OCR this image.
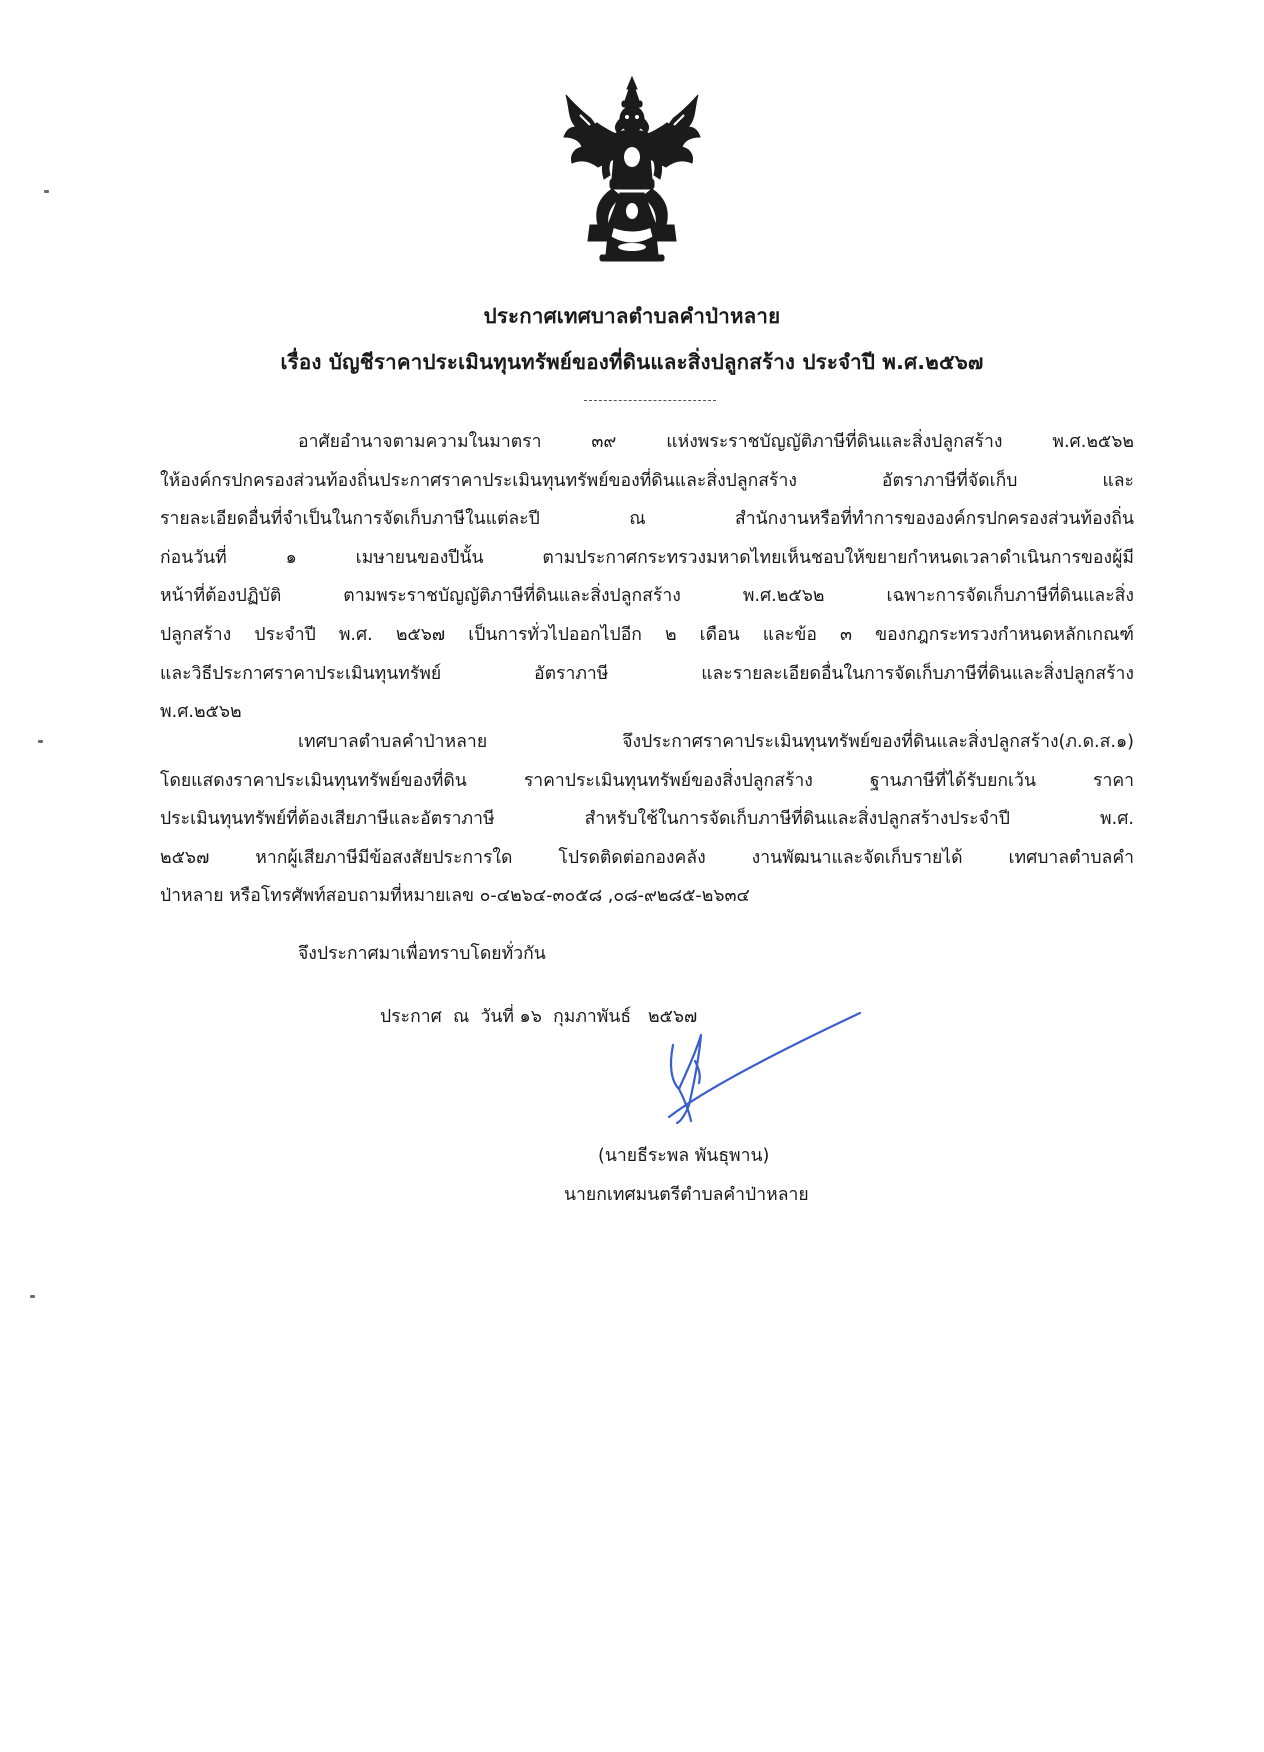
ประกาศเทศบาลตำบลคำป่าหลาย
เรื่อง บัญชีราคาประเมินทุนทรัพย์ของที่ดินและสิ่งปลูกสร้าง ประจำปี พ.ศ.๒๕๖๗
อาศัยอำนาจตามความในมาตรา ๓๙ แห่งพระราชบัญญัติภาษีที่ดินและสิ่งปลูกสร้าง พ.ศ.๒๕๖๒
ให้องค์กรปกครองส่วนท้องถิ่นประกาศราคาประเมินทุนทรัพย์ของที่ดินและสิ่งปลูกสร้าง อัตราภาษีที่จัดเก็บ และ
รายละเอียดอื่นที่จำเป็นในการจัดเก็บภาษีในแต่ละปี ณ สำนักงานหรือที่ทำการขององค์กรปกครองส่วนท้องถิ่น
ก่อนวันที่ ๑ เมษายนของปีนั้น ตามประกาศกระทรวงมหาดไทยเห็นชอบให้ขยายกำหนดเวลาดำเนินการของผู้มี
หน้าที่ต้องปฏิบัติ ตามพระราชบัญญัติภาษีที่ดินและสิ่งปลูกสร้าง พ.ศ.๒๕๖๒ เฉพาะการจัดเก็บภาษีที่ดินและสิ่ง
ปลูกสร้าง ประจำปี พ.ศ. ๒๕๖๗ เป็นการทั่วไปออกไปอีก ๒ เดือน และข้อ ๓ ของกฎกระทรวงกำหนดหลักเกณฑ์
และวิธีประกาศราคาประเมินทุนทรัพย์ อัตราภาษี และรายละเอียดอื่นในการจัดเก็บภาษีที่ดินและสิ่งปลูกสร้าง
พ.ศ.๒๕๖๒
เทศบาลตำบลคำป่าหลาย จึงประกาศราคาประเมินทุนทรัพย์ของที่ดินและสิ่งปลูกสร้าง(ภ.ด.ส.๑)
โดยแสดงราคาประเมินทุนทรัพย์ของที่ดิน ราคาประเมินทุนทรัพย์ของสิ่งปลูกสร้าง ฐานภาษีที่ได้รับยกเว้น ราคา
ประเมินทุนทรัพย์ที่ต้องเสียภาษีและอัตราภาษี สำหรับใช้ในการจัดเก็บภาษีที่ดินและสิ่งปลูกสร้างประจำปี พ.ศ.
๒๕๖๗ หากผู้เสียภาษีมีข้อสงสัยประการใด โปรดติดต่อกองคลัง งานพัฒนาและจัดเก็บรายได้ เทศบาลตำบลคำ
ป่าหลาย หรือโทรศัพท์สอบถามที่หมายเลข ๐-๔๒๖๔-๓๐๕๘ ,๐๘-๙๒๘๕-๒๖๓๔
จึงประกาศมาเพื่อทราบโดยทั่วกัน
ประกาศ  ณ  วันที่ ๑๖  กุมภาพันธ์   ๒๕๖๗
(นายธีระพล พันธุพาน)
นายกเทศมนตรีตำบลคำป่าหลาย
